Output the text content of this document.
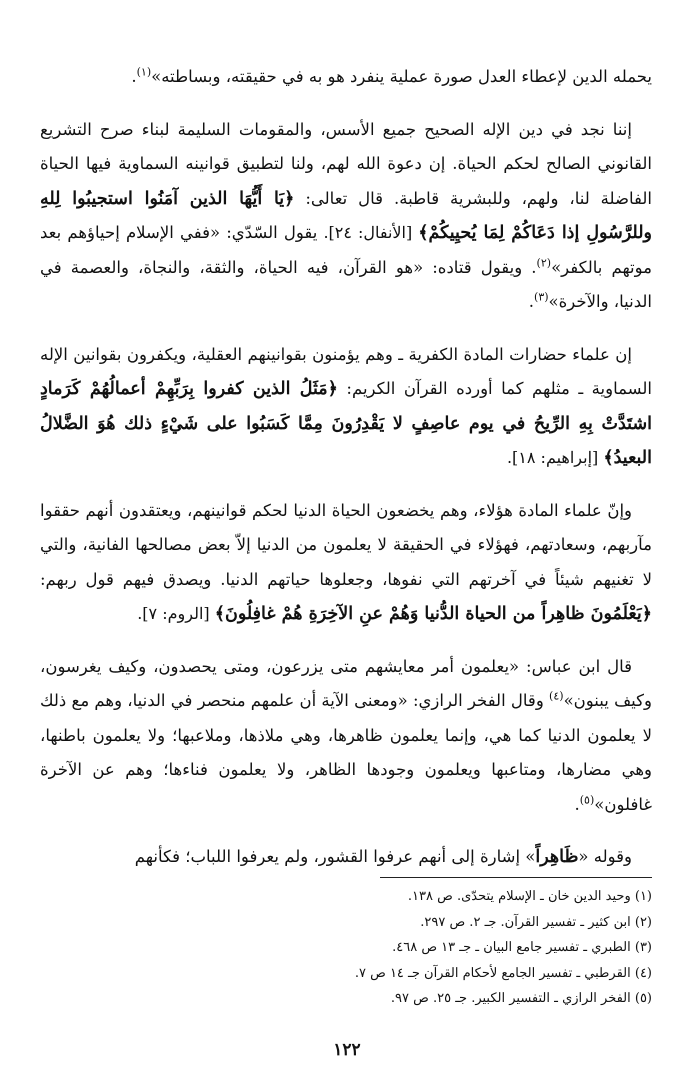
يحمله الدين لإعطاء العدل صورة عملية ينفرد هو به في حقيقته، وبساطته»$^{(١)}$.

إننا نجد في دين الإله الصحيح جميع الأسس، والمقومات السليمة لبناء صرح التشريع القانوني الصالح لحكم الحياة. إن دعوة الله لهم، ولنا لتطبيق قوانينه السماوية فيها الحياة الفاضلة لنا، ولهم، وللبشرية قاطبة. قال تعالى: ﴿يَا أَيُّهَا الذين آمَنُوا استجيبُوا لِلهِ وللرَّسُولِ إذا دَعَاكُمْ لِمَا يُحيِيكُمْ﴾ [الأنفال: ٢٤]. يقول السّدّي: «ففي الإسلام إحياؤهم بعد موتهم بالكفر»$^{(٢)}$. ويقول قتاده: «هو القرآن، فيه الحياة، والثقة، والنجاة، والعصمة في الدنيا، والآخرة»$^{(٣)}$.

إن علماء حضارات المادة الكفرية ـ وهم يؤمنون بقوانينهم العقلية، ويكفرون بقوانين الإله السماوية ـ مثلهم كما أورده القرآن الكريم: ﴿مَثَلُ الذين كفروا بِرَبِّهِمْ أعمالُهُمْ كَرَمادٍ اشتَدَّتْ بِهِ الرِّيحُ في يوم عاصِفٍ لا يَقْدِرُونَ مِمَّا كَسَبُوا على شَيْءٍ ذلك هُوَ الضَّلالُ البعيدُ﴾ [إبراهيم: ١٨].

وإنّ علماء المادة هؤلاء، وهم يخضعون الحياة الدنيا لحكم قوانينهم، ويعتقدون أنهم حققوا مآربهم، وسعادتهم، فهؤلاء في الحقيقة لا يعلمون من الدنيا إلاّ بعض مصالحها الفانية، والتي لا تغنيهم شيئاً في آخرتهم التي نفوها، وجعلوها حياتهم الدنيا. ويصدق فيهم قول ربهم: ﴿يَعْلَمُونَ ظاهِراً من الحياة الدُّنيا وَهُمْ عنِ الآخِرَةِ هُمْ غافِلُونَ﴾ [الروم: ٧].

قال ابن عباس: «يعلمون أمر معايشهم متى يزرعون، ومتى يحصدون، وكيف يغرسون، وكيف يبنون»$^{(٤)}$ وقال الفخر الرازي: «ومعنى الآية أن علمهم منحصر في الدنيا، وهم مع ذلك لا يعلمون الدنيا كما هي، وإنما يعلمون ظاهرها، وهي ملاذها، وملاعبها؛ ولا يعلمون باطنها، وهي مضارها، ومتاعبها ويعلمون وجودها الظاهر، ولا يعلمون فناءها؛ وهم عن الآخرة غافلون»$^{(٥)}$.

وقوله «ظَاهِراً» إشارة إلى أنهم عرفوا القشور، ولم يعرفوا اللباب؛ فكأنهم

(١) وحيد الدين خان ـ الإسلام يتحدّى. ص ١٣٨.

(٢) ابن كثير ـ تفسير القرآن. جـ ٢. ص ٢٩٧.

(٣) الطبري ـ تفسير جامع البيان ـ جـ ١٣ ص ٤٦٨.

(٤) القرطبي ـ تفسير الجامع لأحكام القرآن جـ ١٤ ص ٧.

(٥) الفخر الرازي ـ التفسير الكبير. جـ ٢٥. ص ٩٧.

١٢٢
